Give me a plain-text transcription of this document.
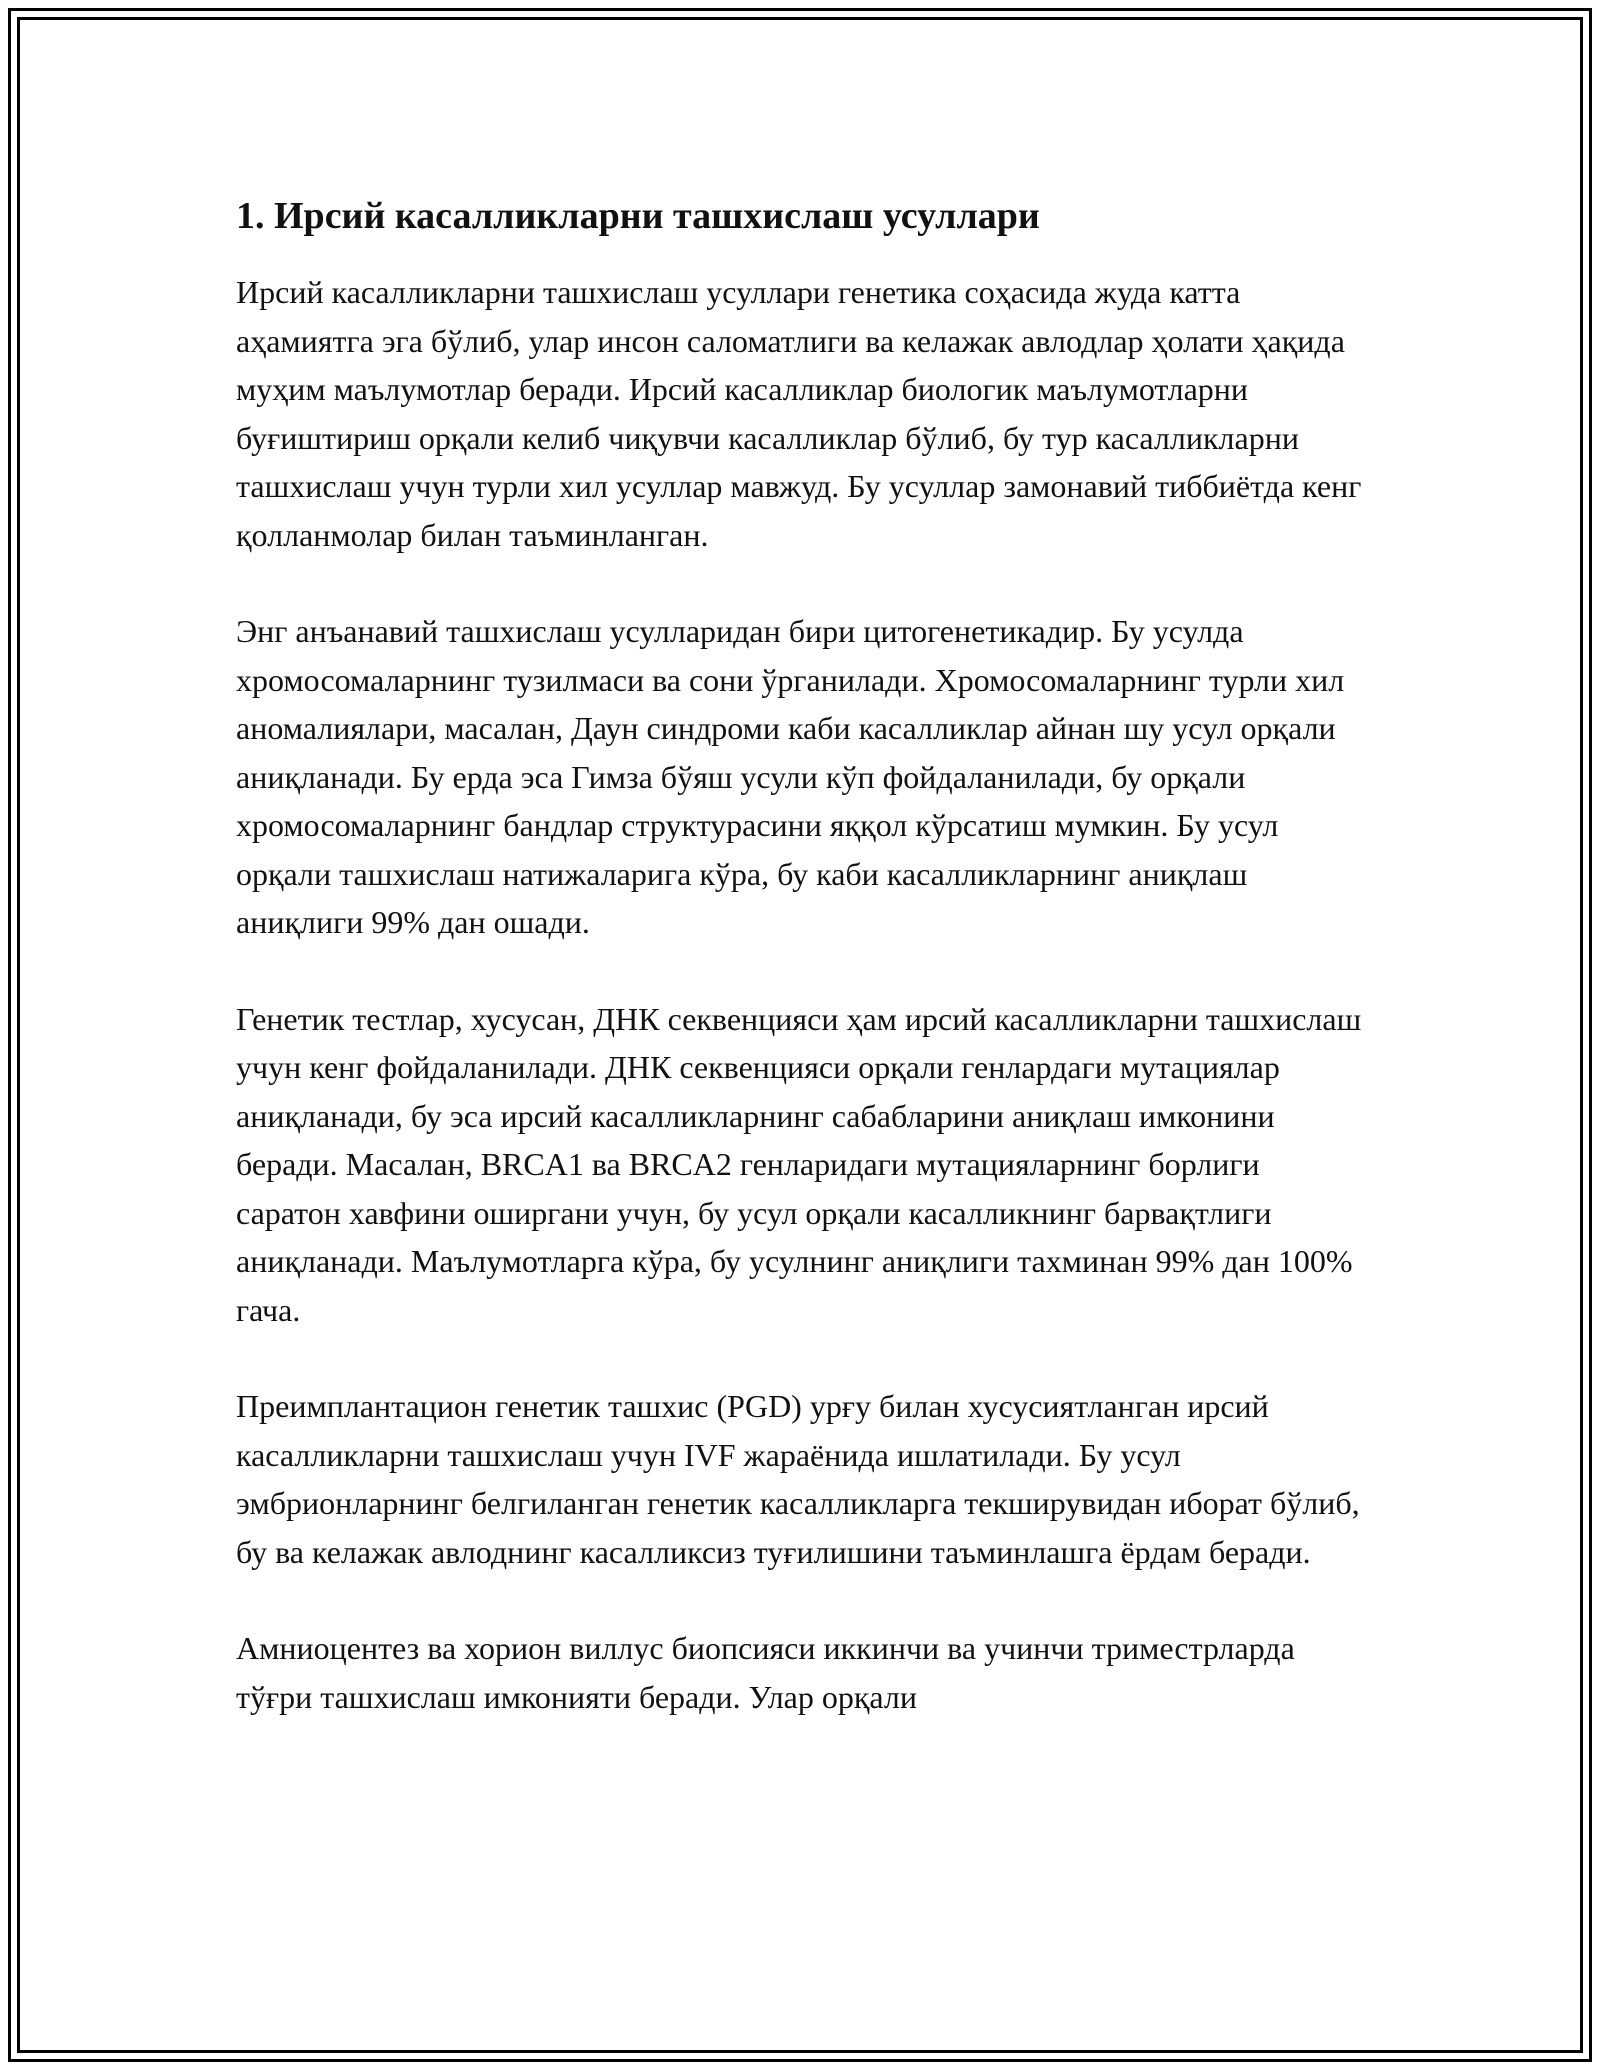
1. Ирсий касалликларни ташхислаш усуллари

Ирсий касалликларни ташхислаш усуллари генетика соҳасида жуда катта аҳамиятга эга бўлиб, улар инсон саломатлиги ва келажак авлодлар ҳолати ҳақида муҳим маълумотлар беради. Ирсий касалликлар биологик маълумотларни буғиштириш орқали келиб чиқувчи касалликлар бўлиб, бу тур касалликларни ташхислаш учун турли хил усуллар мавжуд. Бу усуллар замонавий тиббиётда кенг қолланмолар билан таъминланган.

Энг анъанавий ташхислаш усулларидан бири цитогенетикадир. Бу усулда хромосомаларнинг тузилмаси ва сони ўрганилади. Хромосомаларнинг турли хил аномалиялари, масалан, Даун синдроми каби касалликлар айнан шу усул орқали аниқланади. Бу ерда эса Гимза бўяш усули кўп фойдаланилади, бу орқали хромосомаларнинг бандлар структурасини яққол кўрсатиш мумкин. Бу усул орқали ташхислаш натижаларига кўра, бу каби касалликларнинг аниқлаш аниқлиги 99% дан ошади.

Генетик тестлар, хусусан, ДНК секвенцияси ҳам ирсий касалликларни ташхислаш учун кенг фойдаланилади. ДНК секвенцияси орқали генлардаги мутациялар аниқланади, бу эса ирсий касалликларнинг сабабларини аниқлаш имконини беради. Масалан, BRCA1 ва BRCA2 генларидаги мутацияларнинг борлиги саратон хавфини оширгани учун, бу усул орқали касалликнинг барвақтлиги аниқланади. Маълумотларга кўра, бу усулнинг аниқлиги тахминан 99% дан 100% гача.

Преимплантацион генетик ташхис (PGD) урғу билан хусусиятланган ирсий касалликларни ташхислаш учун IVF жараёнида ишлатилади. Бу усул эмбрионларнинг белгиланган генетик касалликларга текширувидан иборат бўлиб, бу ва келажак авлоднинг касалликсиз туғилишини таъминлашга ёрдам беради.

Амниоцентез ва хорион виллус биопсияси иккинчи ва учинчи триместрларда тўғри ташхислаш имконияти беради. Улар орқали
